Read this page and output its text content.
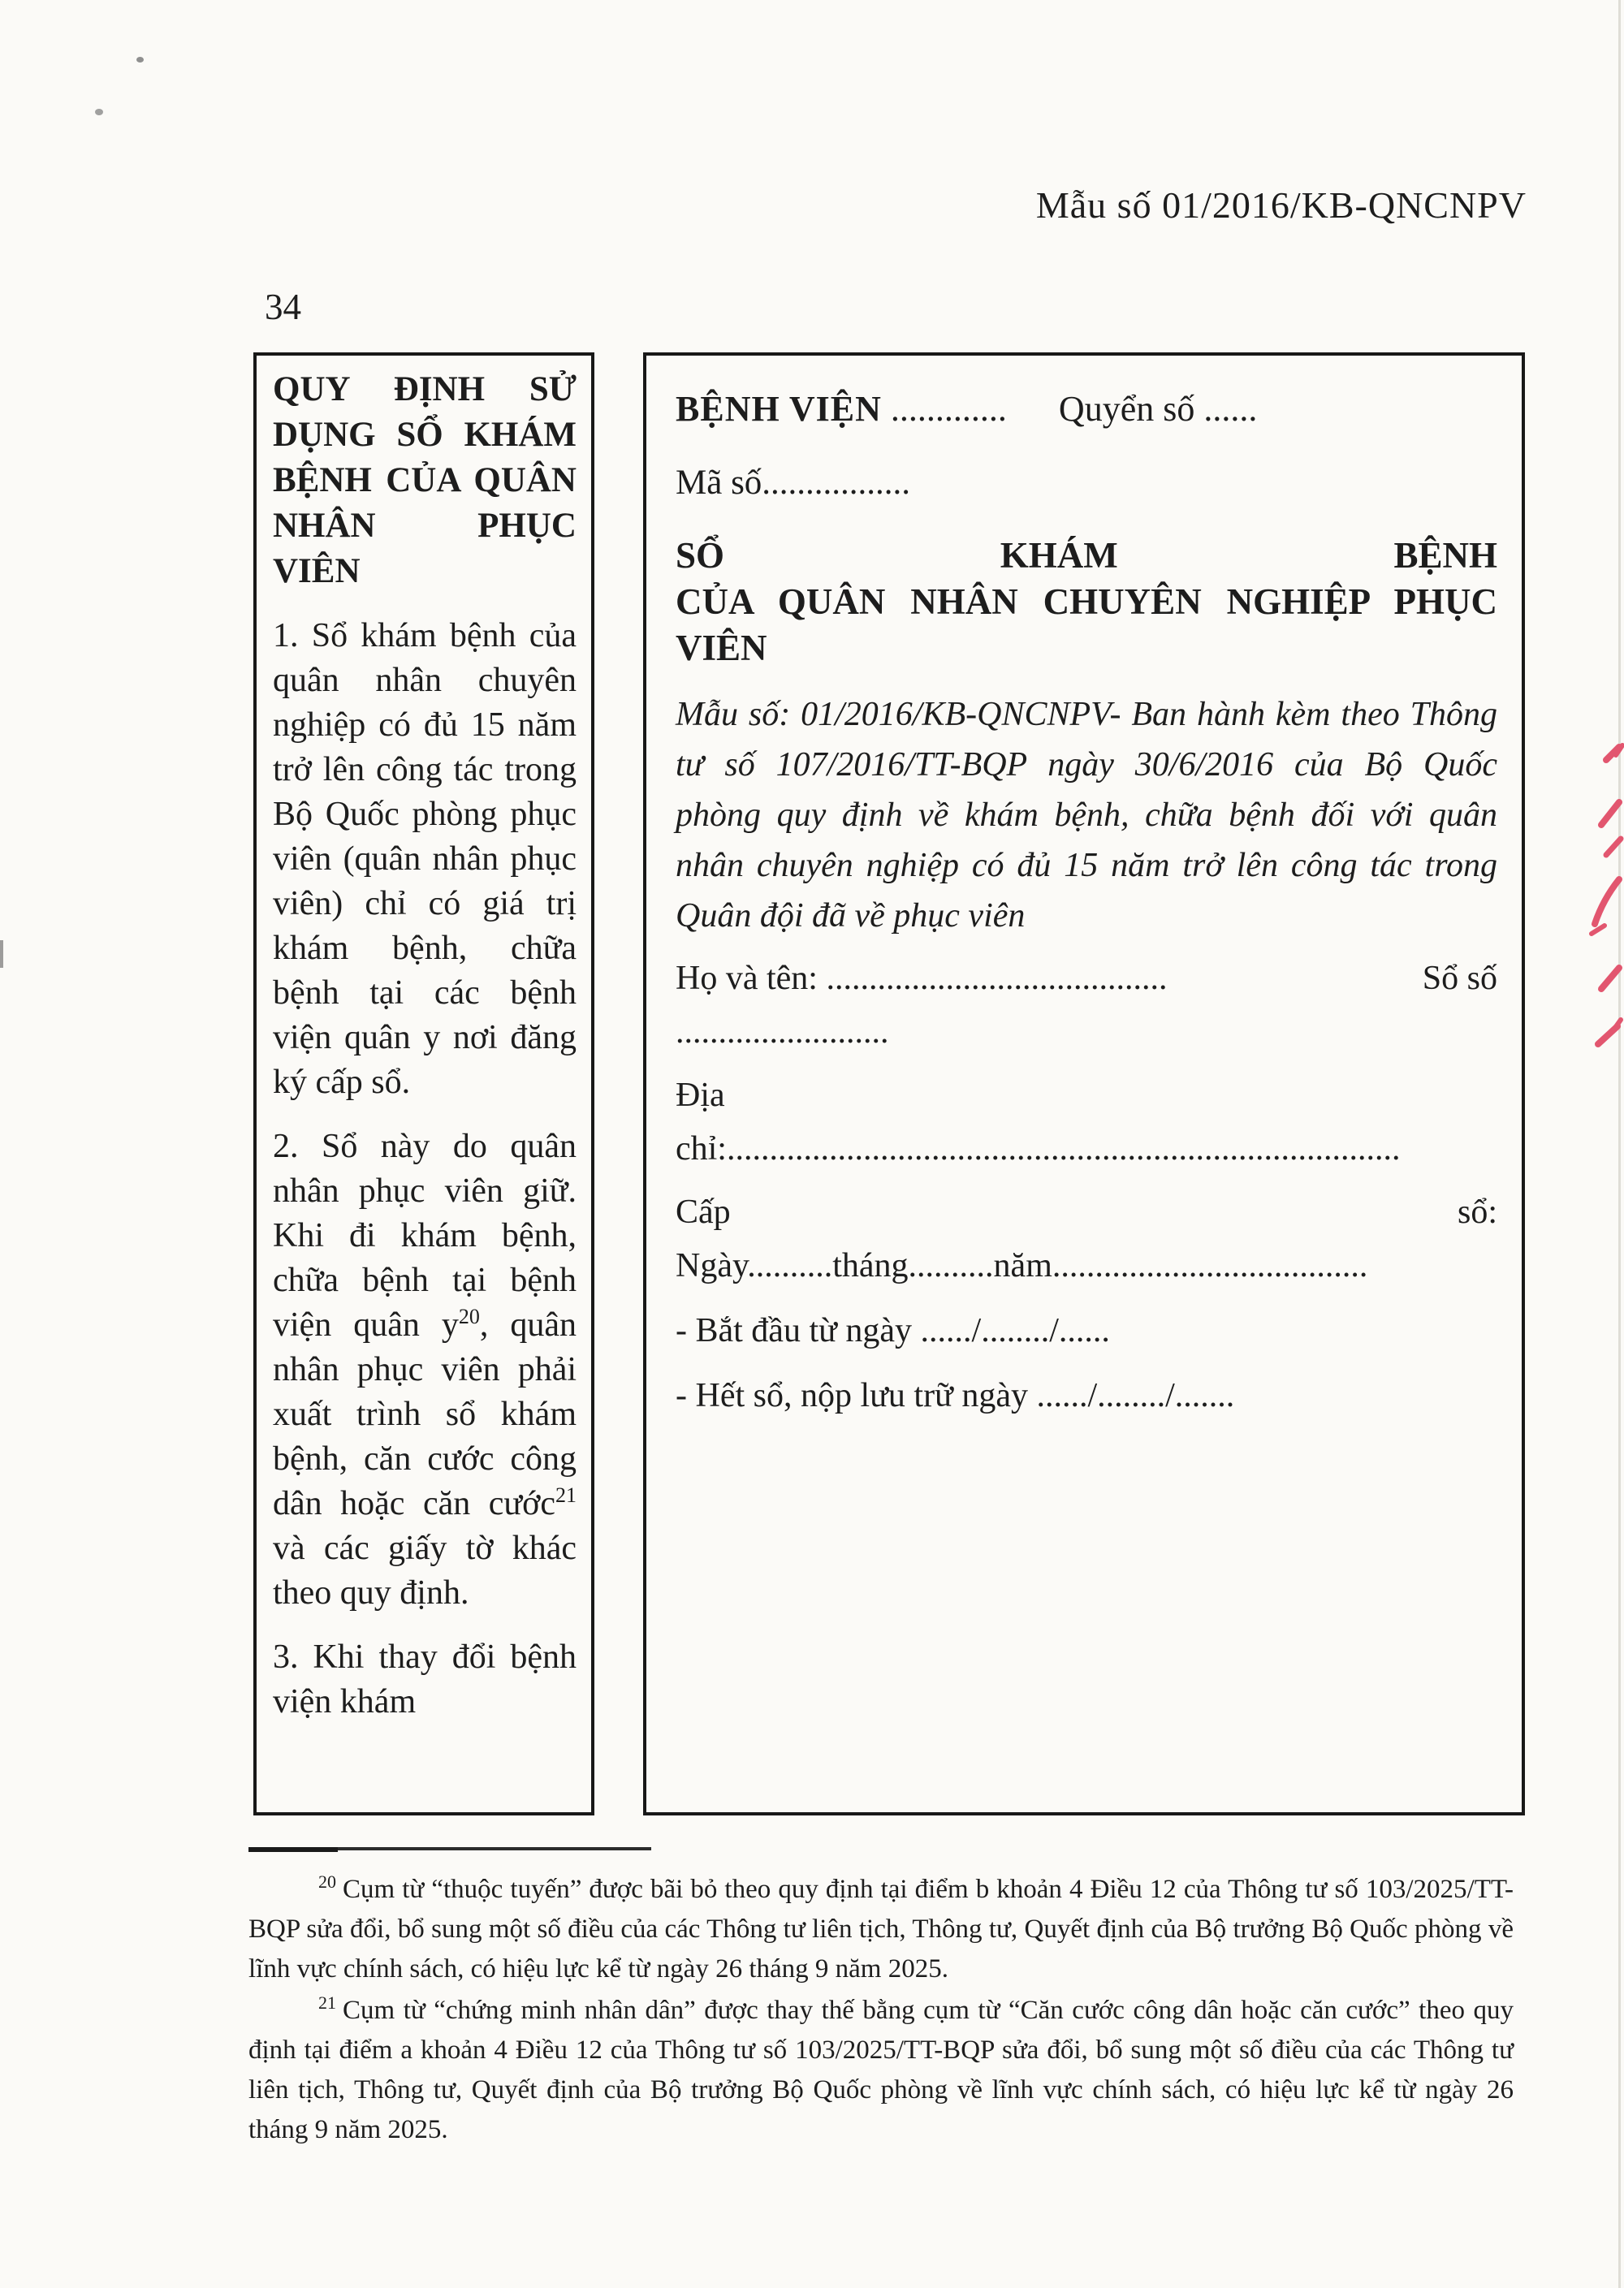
Mẫu số 01/2016/KB-QNCNPV
34
QUY ĐỊNH SỬ DỤNG SỔ KHÁM BỆNH CỦA QUÂN NHÂN PHỤC VIÊN

1. Sổ khám bệnh của quân nhân chuyên nghiệp có đủ 15 năm trở lên công tác trong Bộ Quốc phòng phục viên (quân nhân phục viên) chỉ có giá trị khám bệnh, chữa bệnh tại các bệnh viện quân y nơi đăng ký cấp sổ.

2. Sổ này do quân nhân phục viên giữ. Khi đi khám bệnh, chữa bệnh tại bệnh viện quân y$^{20}$, quân nhân phục viên phải xuất trình sổ khám bệnh, căn cước công dân hoặc căn cước$^{21}$ và các giấy tờ khác theo quy định.

3. Khi thay đổi bệnh viện khám

BỆNH VIỆN ............. Quyển số ......
Mã số.................
SỔ KHÁM BỆNH
CỦA QUÂN NHÂN CHUYÊN NGHIỆP PHỤC
VIÊN
Mẫu số: 01/2016/KB-QNCNPV- Ban hành kèm theo Thông tư số 107/2016/TT-BQP ngày 30/6/2016 của Bộ Quốc phòng quy định về khám bệnh, chữa bệnh đối với quân nhân chuyên nghiệp có đủ 15 năm trở lên công tác trong Quân đội đã về phục viên
Họ và tên: ........................................	Sổ số
.........................
Địa
chỉ:...............................................................................
Cấp	sổ:
Ngày..........tháng..........năm.....................................
- Bắt đầu từ ngày ....../......../......
- Hết sổ, nộp lưu trữ ngày ....../......../.......

$^{20}$ Cụm từ “thuộc tuyến” được bãi bỏ theo quy định tại điểm b khoản 4 Điều 12 của Thông tư số 103/2025/TT-BQP sửa đổi, bổ sung một số điều của các Thông tư liên tịch, Thông tư, Quyết định của Bộ trưởng Bộ Quốc phòng về lĩnh vực chính sách, có hiệu lực kể từ ngày 26 tháng 9 năm 2025.

$^{21}$ Cụm từ “chứng minh nhân dân” được thay thế bằng cụm từ “Căn cước công dân hoặc căn cước” theo quy định tại điểm a khoản 4 Điều 12 của Thông tư số 103/2025/TT-BQP sửa đổi, bổ sung một số điều của các Thông tư liên tịch, Thông tư, Quyết định của Bộ trưởng Bộ Quốc phòng về lĩnh vực chính sách, có hiệu lực kể từ ngày 26 tháng 9 năm 2025.
